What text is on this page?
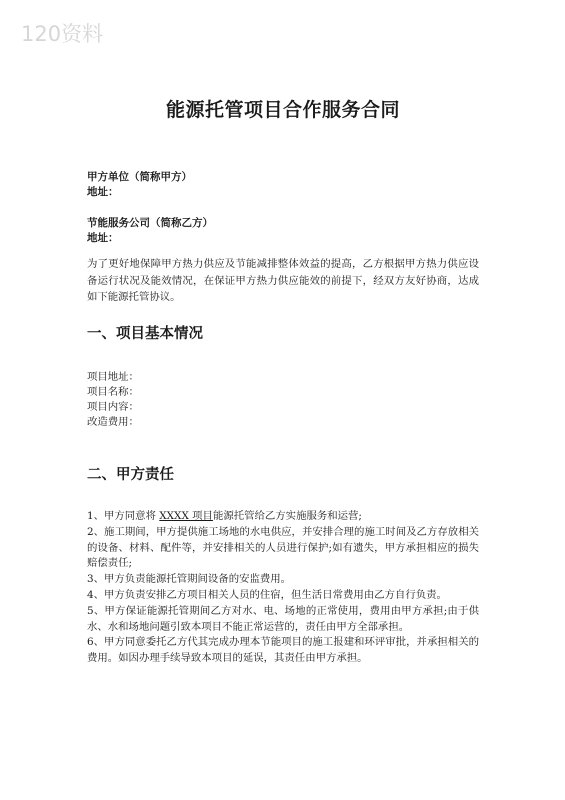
120资料
能源托管项目合作服务合同
甲方单位（简称甲方）
地址：
节能服务公司（简称乙方）
地址：
为了更好地保障甲方热力供应及节能减排整体效益的提高，乙方根据甲方热力供应设备运行状况及能效情况，在保证甲方热力供应能效的前提下，经双方友好协商，达成如下能源托管协议。
一、项目基本情况
项目地址：
项目名称：
项目内容：
改造费用：
二、甲方责任

1、甲方同意将 XXXX 项目能源托管给乙方实施服务和运营;

2、施工期间，甲方提供施工场地的水电供应，并安排合理的施工时间及乙方存放相关的设备、材料、配件等，并安排相关的人员进行保护;如有遗失，甲方承担相应的损失赔偿责任;

3、甲方负责能源托管期间设备的安监费用。

4、甲方负责安排乙方项目相关人员的住宿，但生活日常费用由乙方自行负责。

5、甲方保证能源托管期间乙方对水、电、场地的正常使用，费用由甲方承担;由于供水、水和场地问题引致本项目不能正常运营的，责任由甲方全部承担。

6、甲方同意委托乙方代其完成办理本节能项目的施工报建和环评审批，并承担相关的费用。如因办理手续导致本项目的延误，其责任由甲方承担。
